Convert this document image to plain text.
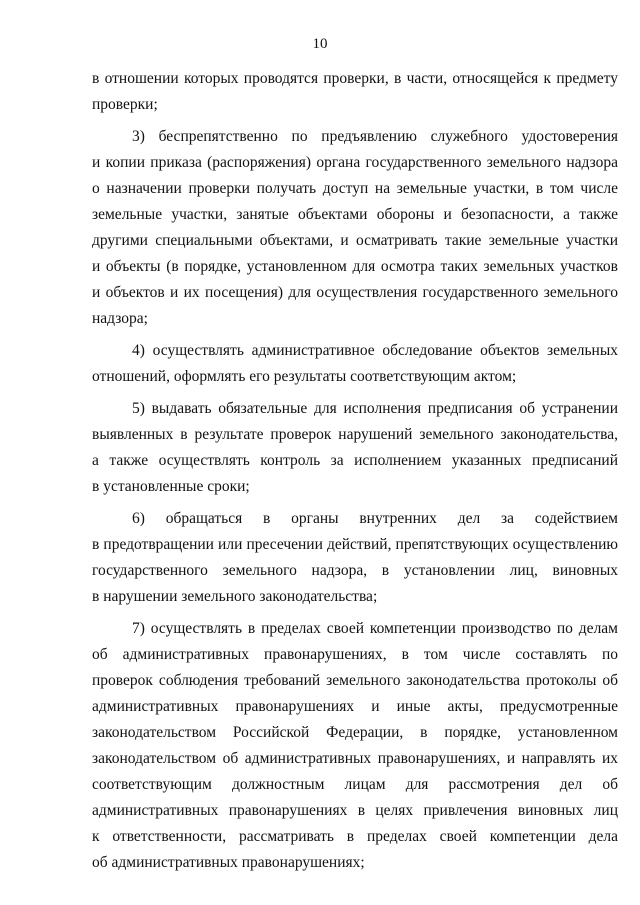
10
в отношении которых проводятся проверки, в части, относящейся к предмету
проверки;
3) беспрепятственно по предъявлению служебного удостоверения
и копии приказа (распоряжения) органа государственного земельного надзора
о назначении проверки получать доступ на земельные участки, в том числе
земельные участки, занятые объектами обороны и безопасности, а также
другими специальными объектами, и осматривать такие земельные участки
и объекты (в порядке, установленном для осмотра таких земельных участков
и объектов и их посещения) для осуществления государственного земельного
надзора;
4) осуществлять административное обследование объектов земельных
отношений, оформлять его результаты соответствующим актом;
5) выдавать обязательные для исполнения предписания об устранении
выявленных в результате проверок нарушений земельного законодательства,
а также осуществлять контроль за исполнением указанных предписаний
в установленные сроки;
6) обращаться в органы внутренних дел за содействием
в предотвращении или пресечении действий, препятствующих осуществлению
государственного земельного надзора, в установлении лиц, виновных
в нарушении земельного законодательства;
7) осуществлять в пределах своей компетенции производство по делам
об административных правонарушениях, в том числе составлять по
проверок соблюдения требований земельного законодательства протоколы об
административных правонарушениях и иные акты, предусмотренные
законодательством Российской Федерации, в порядке, установленном
законодательством об административных правонарушениях, и направлять их
соответствующим должностным лицам для рассмотрения дел об
административных правонарушениях в целях привлечения виновных лиц
к ответственности, рассматривать в пределах своей компетенции дела
об административных правонарушениях;
